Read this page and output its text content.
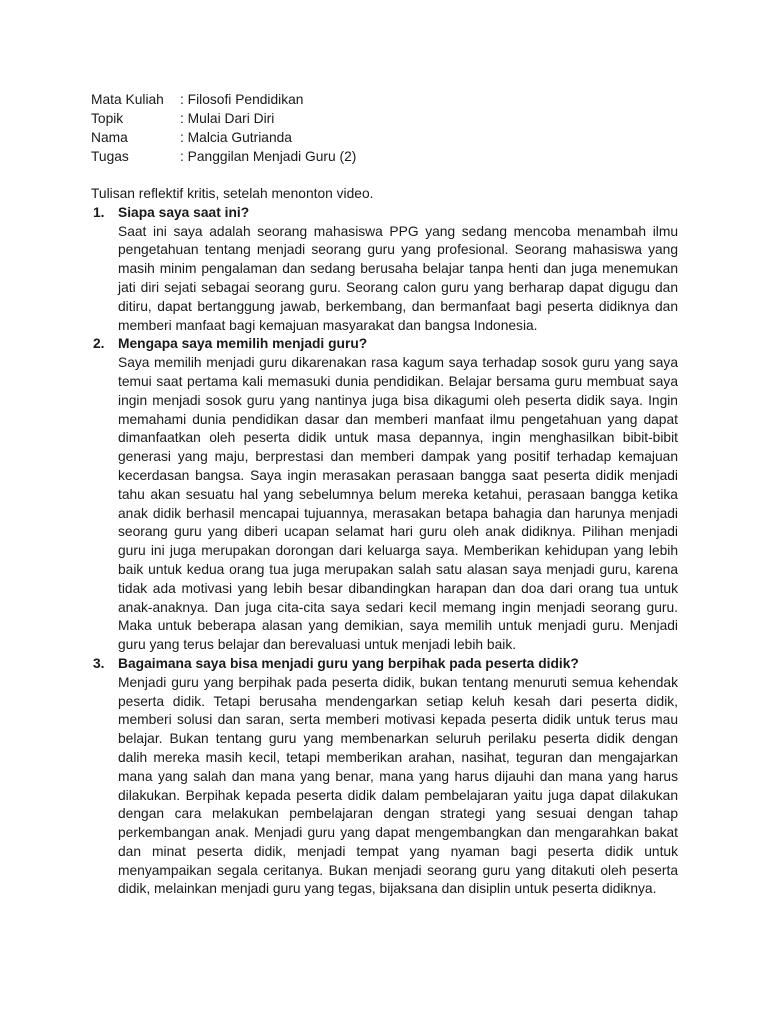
Mata Kuliah	: Filosofi Pendidikan
Topik	: Mulai Dari Diri
Nama	: Malcia Gutrianda
Tugas	: Panggilan Menjadi Guru (2)

Tulisan reflektif kritis, setelah menonton video.

1. Siapa saya saat ini?
Saat ini saya adalah seorang mahasiswa PPG yang sedang mencoba menambah ilmu pengetahuan tentang menjadi seorang guru yang profesional. Seorang mahasiswa yang masih minim pengalaman dan sedang berusaha belajar tanpa henti dan juga menemukan jati diri sejati sebagai seorang guru. Seorang calon guru yang berharap dapat digugu dan ditiru, dapat bertanggung jawab, berkembang, dan bermanfaat bagi peserta didiknya dan memberi manfaat bagi kemajuan masyarakat dan bangsa Indonesia.
2. Mengapa saya memilih menjadi guru?
Saya memilih menjadi guru dikarenakan rasa kagum saya terhadap sosok guru yang saya temui saat pertama kali memasuki dunia pendidikan. Belajar bersama guru membuat saya ingin menjadi sosok guru yang nantinya juga bisa dikagumi oleh peserta didik saya. Ingin memahami dunia pendidikan dasar dan memberi manfaat ilmu pengetahuan yang dapat dimanfaatkan oleh peserta didik untuk masa depannya, ingin menghasilkan bibit-bibit generasi yang maju, berprestasi dan memberi dampak yang positif terhadap kemajuan kecerdasan bangsa. Saya ingin merasakan perasaan bangga saat peserta didik menjadi tahu akan sesuatu hal yang sebelumnya belum mereka ketahui, perasaan bangga ketika anak didik berhasil mencapai tujuannya, merasakan betapa bahagia dan harunya menjadi seorang guru yang diberi ucapan selamat hari guru oleh anak didiknya. Pilihan menjadi guru ini juga merupakan dorongan dari keluarga saya. Memberikan kehidupan yang lebih baik untuk kedua orang tua juga merupakan salah satu alasan saya menjadi guru, karena tidak ada motivasi yang lebih besar dibandingkan harapan dan doa dari orang tua untuk anak-anaknya. Dan juga cita-cita saya sedari kecil memang ingin menjadi seorang guru. Maka untuk beberapa alasan yang demikian, saya memilih untuk menjadi guru. Menjadi guru yang terus belajar dan berevaluasi untuk menjadi lebih baik.
3. Bagaimana saya bisa menjadi guru yang berpihak pada peserta didik?
Menjadi guru yang berpihak pada peserta didik, bukan tentang menuruti semua kehendak peserta didik. Tetapi berusaha mendengarkan setiap keluh kesah dari peserta didik, memberi solusi dan saran, serta memberi motivasi kepada peserta didik untuk terus mau belajar. Bukan tentang guru yang membenarkan seluruh perilaku peserta didik dengan dalih mereka masih kecil, tetapi memberikan arahan, nasihat, teguran dan mengajarkan mana yang salah dan mana yang benar, mana yang harus dijauhi dan mana yang harus dilakukan. Berpihak kepada peserta didik dalam pembelajaran yaitu juga dapat dilakukan dengan cara melakukan pembelajaran dengan strategi yang sesuai dengan tahap perkembangan anak. Menjadi guru yang dapat mengembangkan dan mengarahkan bakat dan minat peserta didik, menjadi tempat yang nyaman bagi peserta didik untuk menyampaikan segala ceritanya. Bukan menjadi seorang guru yang ditakuti oleh peserta didik, melainkan menjadi guru yang tegas, bijaksana dan disiplin untuk peserta didiknya.
